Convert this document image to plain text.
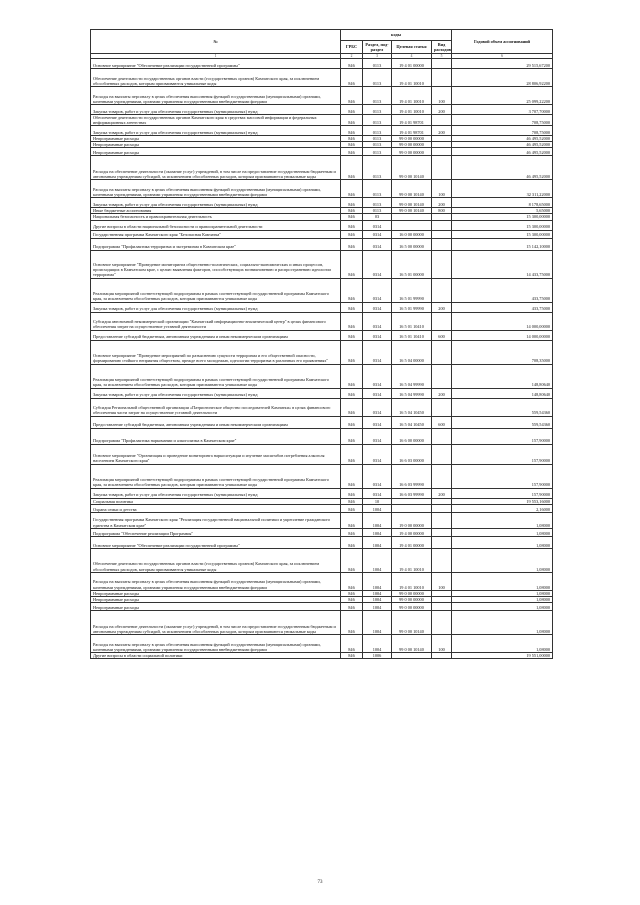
№	коды				Годовой объем ассигнований
	ГРБС	Раздел, под-раздел	Целевая статья	Вид расходов	
1	2	3	4	5	6
Основное мероприятие "Обеспечение реализации государственной программы"	846	0113	19 4 01 00000		29 515,67200
Обеспечение деятельности государственных органов власти (государственных органов) Камчатского края, за исключением обособленных расходов, которым присваиваются уникальные коды	846	0113	19 4 01 10010		28 806,92200
Расходы на выплаты персоналу в целях обеспечения выполнения функций государственными (муниципальными) органами, казенными учреждениями, органами управления государственными внебюджетными фондами	846	0113	19 4 01 10010	100	25 099,22200
Закупка товаров, работ и услуг для обеспечения государственных (муниципальных) нужд	846	0113	19 4 01 10010	200	3 707,70000
Обеспечение деятельности государственных органов Камчатского края в средствах массовой информации и федеральных информационных агентствах	846	0113	19 4 01 98701		708,75000
Закупка товаров, работ и услуг для обеспечения государственных (муниципальных) нужд	846	0113	19 4 01 98701	200	708,75000
Непрограммные расходы	846	0113	99 0 00 00000		46 495,52000
Непрограммные расходы	846	0113	99 0 00 00000		46 495,52000
Непрограммные расходы	846	0113	99 0 00 00000		46 495,52000
Расходы на обеспечение деятельности (оказание услуг) учреждений, в том числе на предоставление государственным бюджетным и автономным учреждениям субсидий, за исключением обособленных расходов, которым присваиваются уникальные коды	846	0113	99 0 00 10140		46 495,52000
Расходы на выплаты персоналу в целях обеспечения выполнения функций государственными (муниципальными) органами, казенными учреждениями, органами управления государственными внебюджетными фондами	846	0113	99 0 00 10140	100	32 311,22000
Закупка товаров, работ и услуг для обеспечения государственных (муниципальных) нужд	846	0113	99 0 00 10140	200	8 178,65000
Иные бюджетные ассигнования	846	0113	99 0 00 10140	800	5,65000
Национальная безопасность и правоохранительная деятельность	846	03			15 300,00000
Другие вопросы в области национальной безопасности и правоохранительной деятельности	846	0314			15 300,00000
Государственная программа Камчатского края "Безопасная Камчатка"	846	0314	16 0 00 00000		15 300,00000
Подпрограмма "Профилактика терроризма и экстремизма в Камчатском крае"	846	0314	16 5 00 00000		15 142,10000
Основное мероприятие "Проведение мониторинга общественно-политических, социально-экономических и иных процессов, происходящих в Камчатском крае, с целью выявления факторов, способствующих возникновению и распространению идеологии терроризма"	846	0314	16 5 01 00000		14 433,75000
Реализация мероприятий соответствующей подпрограммы в рамках соответствующей государственной программы Камчатского края, за исключением обособленных расходов, которым присваиваются уникальные коды	846	0314	16 5 01 99990		433,75000
Закупка товаров, работ и услуг для обеспечения государственных (муниципальных) нужд	846	0314	16 5 01 99990	200	433,75000
Субсидия автономной некоммерческой организации "Камчатский информационно-аналитический центр" в целях финансового обеспечения затрат на осуществление уставной деятельности	846	0314	16 5 01 10410		14 000,00000
Предоставление субсидий бюджетным, автономным учреждениям и иным некоммерческим организациям	846	0314	16 5 01 10410	600	14 000,00000
Основное мероприятие "Проведение мероприятий по разъяснению сущности терроризма и его общественной опасности, формированию стойкого неприятия обществом, прежде всего молодежью, идеологии терроризма в различных его проявлениях"	846	0314	16 5 04 00000		708,35000
Реализация мероприятий соответствующей подпрограммы в рамках соответствующей государственной программы Камчатского края, за исключением обособленных расходов, которым присваиваются уникальные коды	846	0314	16 5 04 99990		148,80640
Закупка товаров, работ и услуг для обеспечения государственных (муниципальных) нужд	846	0314	16 5 04 99990	200	148,80640
Субсидия Региональной общественной организации «Патриотическое общество последователей Камчатки» в целях финансового обеспечения части затрат на осуществление уставной деятельности	846	0314	16 5 04 10450		559,54360
Предоставление субсидий бюджетным, автономным учреждениям и иным некоммерческим организациям	846	0314	16 5 04 10450	600	559,54360
Подпрограмма "Профилактика наркомании и алкоголизма в Камчатском крае"	846	0314	16 6 00 00000		157,90000
Основное мероприятие "Организация и проведение мониторинга наркоситуации и изучение масштабов потребления алкоголя населением Камчатского края"	846	0314	16 6 03 00000		157,90000
Реализация мероприятий соответствующей подпрограммы в рамках соответствующей государственной программы Камчатского края, за исключением обособленных расходов, которым присваиваются уникальные коды	846	0314	16 6 03 99990		157,90000
Закупка товаров, работ и услуг для обеспечения государственных (муниципальных) нужд	846	0314	16 6 03 99990	200	157,90000
Социальная политика	846	10			19 553,16000
Охрана семьи и детства	846	1004			2,16000
Государственная программа Камчатского края "Реализация государственной национальной политики и укрепление гражданского единства в Камчатском крае"	846	1004	19 0 00 00000		1,08000
Подпрограмма "Обеспечение реализации Программы"	846	1004	19 4 00 00000		1,08000
Основное мероприятие "Обеспечение реализации государственной программы"	846	1004	19 4 01 00000		1,08000
Обеспечение деятельности государственных органов власти (государственных органов) Камчатского края, за исключением обособленных расходов, которым присваиваются уникальные коды	846	1004	19 4 01 10010		1,08000
Расходы на выплаты персоналу в целях обеспечения выполнения функций государственными (муниципальными) органами, казенными учреждениями, органами управления государственными внебюджетными фондами	846	1004	19 4 01 10010	100	1,08000
Непрограммные расходы	846	1004	99 0 00 00000		1,08000
Непрограммные расходы	846	1004	99 0 00 00000		1,08000
Непрограммные расходы	846	1004	99 0 00 00000		1,08000
Расходы на обеспечение деятельности (оказание услуг) учреждений, в том числе на предоставление государственным бюджетным и автономным учреждениям субсидий, за исключением обособленных расходов, которым присваиваются уникальные коды	846	1004	99 0 00 10140		1,08000
Расходы на выплаты персоналу в целях обеспечения выполнения функций государственными (муниципальными) органами, казенными учреждениями, органами управления государственными внебюджетными фондами	846	1004	99 0 00 10140	100	1,08000
Другие вопросы в области социальной политики	846	1006			19 551,00000
73
